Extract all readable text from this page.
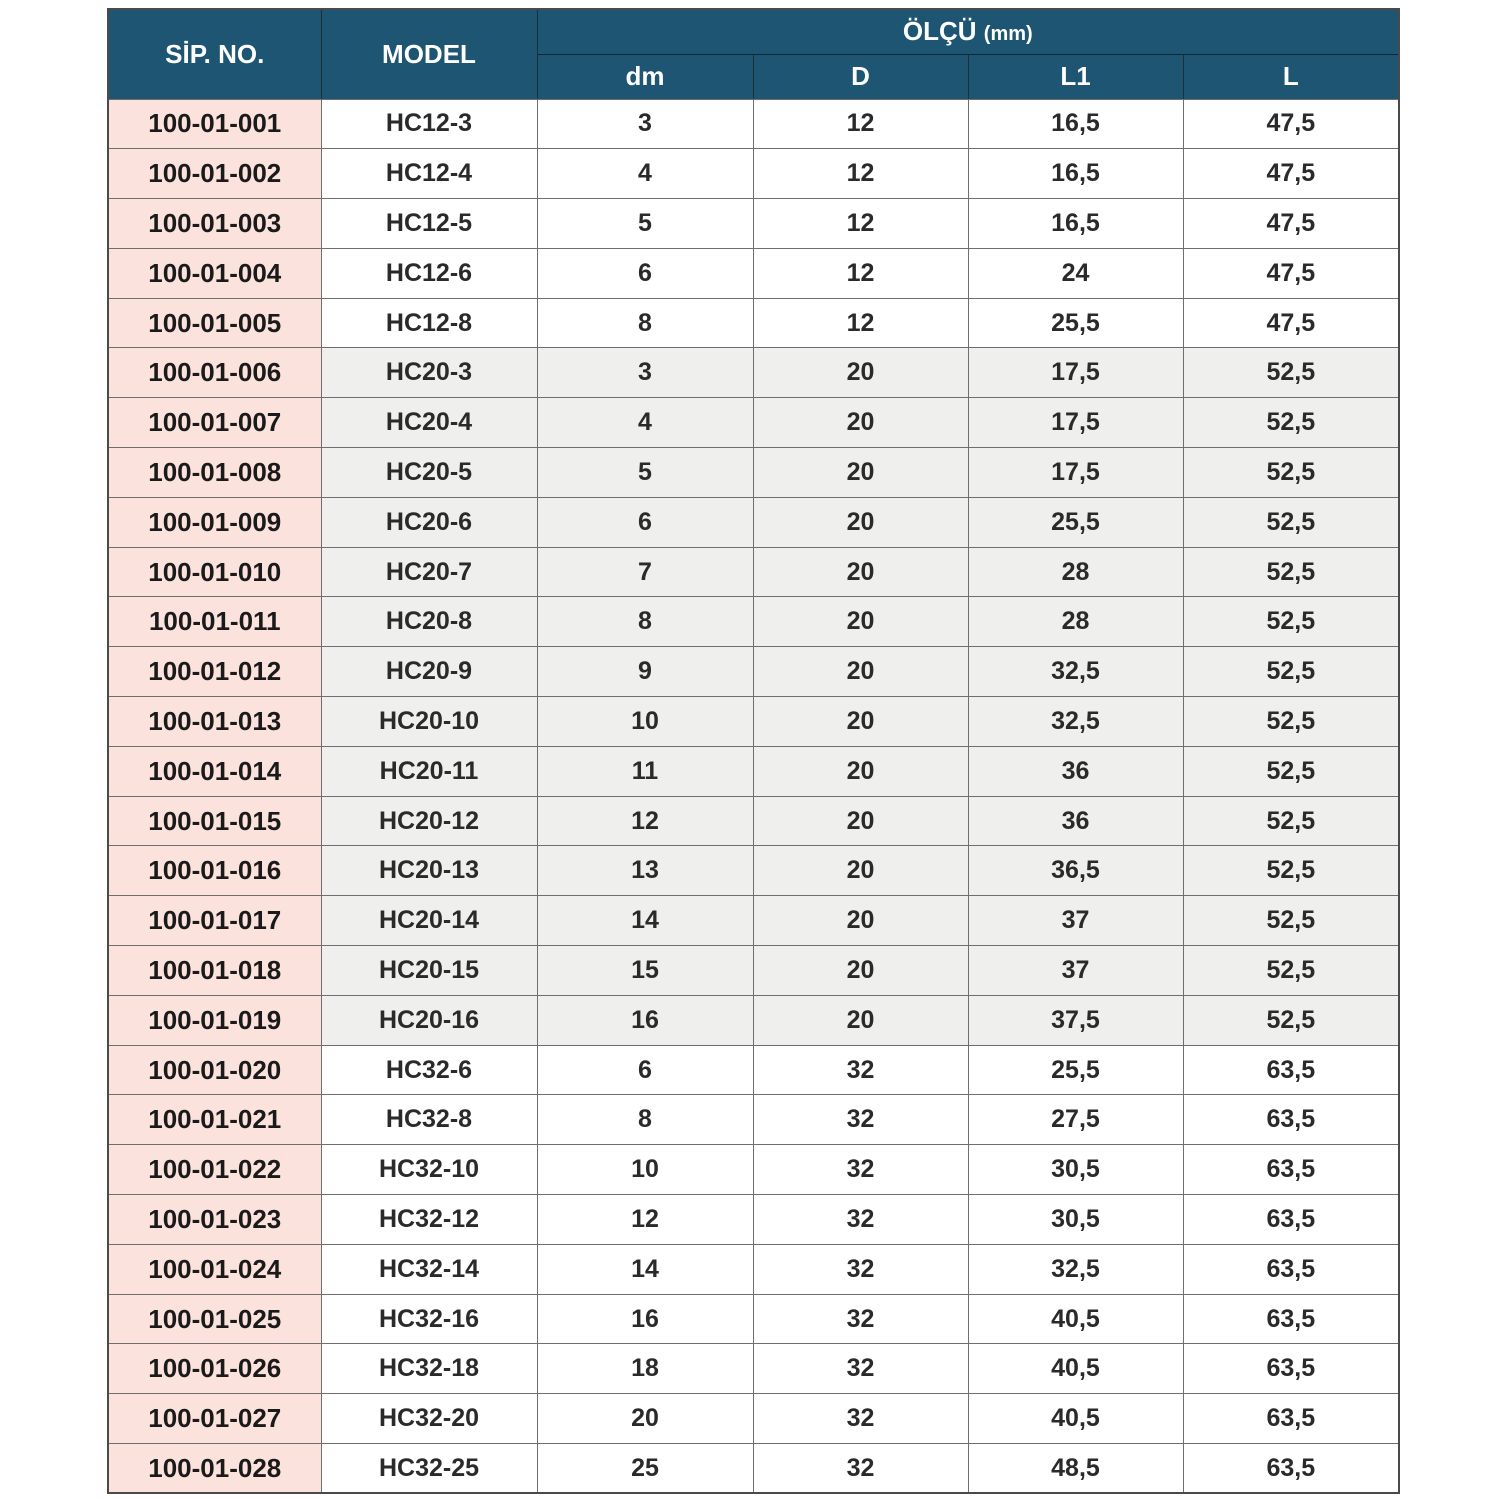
SİP. NO.	MODEL	ÖLÇÜ (mm)			
		dm	D	L1	L
100-01-001	HC12-3	3	12	16,5	47,5
100-01-002	HC12-4	4	12	16,5	47,5
100-01-003	HC12-5	5	12	16,5	47,5
100-01-004	HC12-6	6	12	24	47,5
100-01-005	HC12-8	8	12	25,5	47,5
100-01-006	HC20-3	3	20	17,5	52,5
100-01-007	HC20-4	4	20	17,5	52,5
100-01-008	HC20-5	5	20	17,5	52,5
100-01-009	HC20-6	6	20	25,5	52,5
100-01-010	HC20-7	7	20	28	52,5
100-01-011	HC20-8	8	20	28	52,5
100-01-012	HC20-9	9	20	32,5	52,5
100-01-013	HC20-10	10	20	32,5	52,5
100-01-014	HC20-11	11	20	36	52,5
100-01-015	HC20-12	12	20	36	52,5
100-01-016	HC20-13	13	20	36,5	52,5
100-01-017	HC20-14	14	20	37	52,5
100-01-018	HC20-15	15	20	37	52,5
100-01-019	HC20-16	16	20	37,5	52,5
100-01-020	HC32-6	6	32	25,5	63,5
100-01-021	HC32-8	8	32	27,5	63,5
100-01-022	HC32-10	10	32	30,5	63,5
100-01-023	HC32-12	12	32	30,5	63,5
100-01-024	HC32-14	14	32	32,5	63,5
100-01-025	HC32-16	16	32	40,5	63,5
100-01-026	HC32-18	18	32	40,5	63,5
100-01-027	HC32-20	20	32	40,5	63,5
100-01-028	HC32-25	25	32	48,5	63,5
